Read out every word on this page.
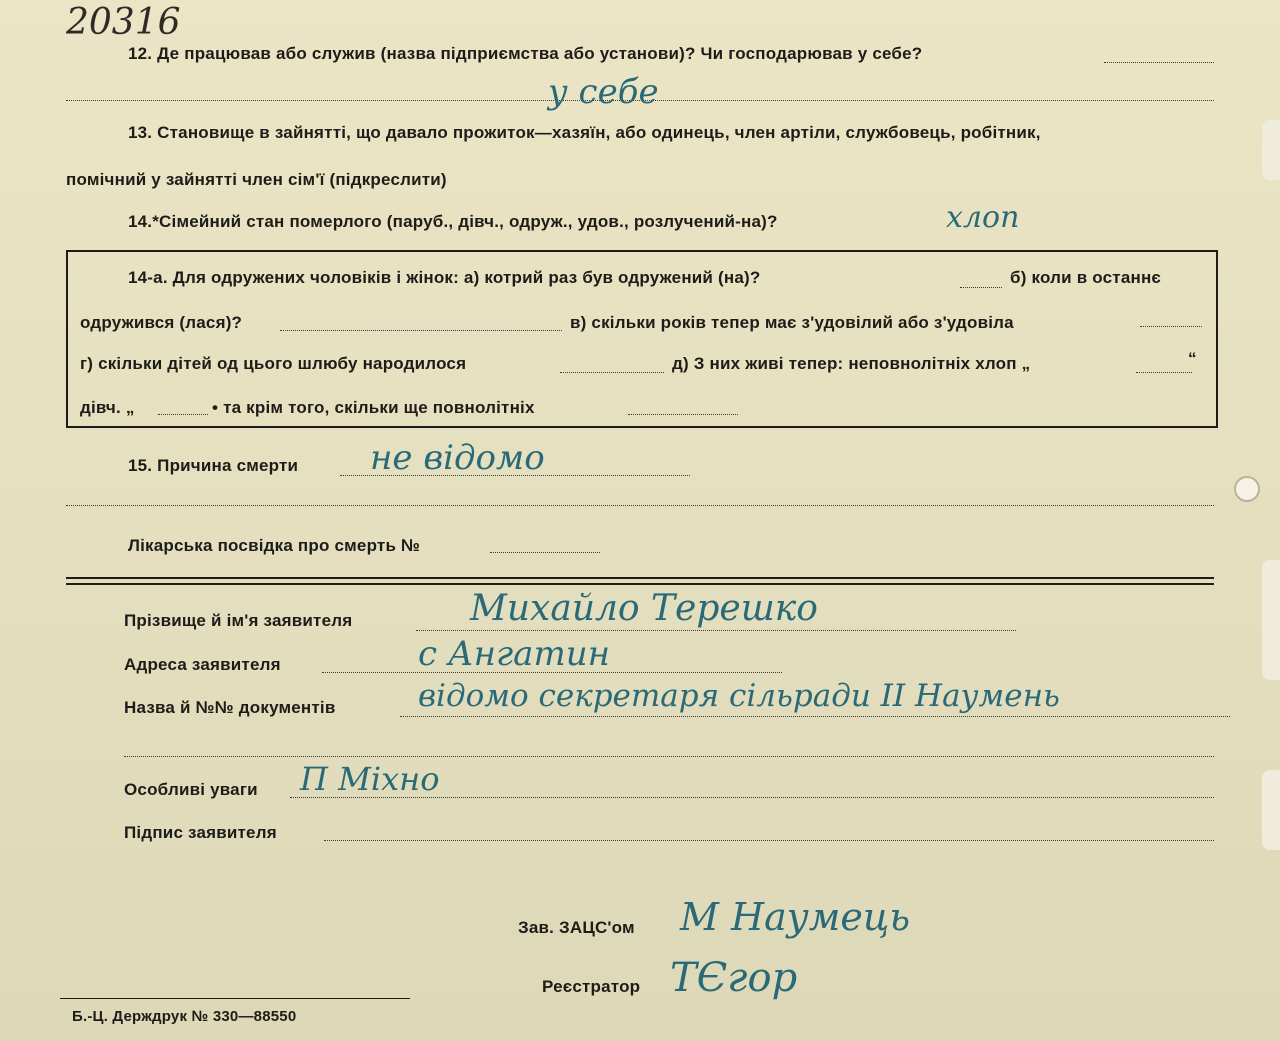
20316
12. Де працював або служив (назва підприємства або установи)? Чи господарював у себе?
у себе
13. Становище в зайнятті, що давало прожиток—хазяїн, або одинець, член артіли, службовець, робітник,
помічний у зайнятті член сім'ї (підкреслити)
14.*Сімейний стан померлого (паруб., дівч., одруж., удов., розлучений-на)?	хлоп
14-а. Для одружених чоловіків і жінок: а) котрий раз був одружений (на)?	б) коли в останнє
одружився (лася)?	в) скільки років тепер має з'удовілий або з'удовіла
г) скільки дітей од цього шлюбу народилося	д) З них живі тепер: неповнолітніх хлоп „	“
дівч. „	• та крім того, скільки ще повнолітніх
15. Причина смерти не відомо
Лікарська посвідка про смерть №
Прізвище й ім'я заявителя	Михайло Терешко
Адреса заявителя	с Ангатин
Назва й №№ документів	відомо секретаря сільради II Наумень
Особливі уваги П Міхно
Підпис заявителя
Зав. ЗАЦС'ом М Наумець
Реєстратор ТЄгор
Б.-Ц. Держдрук № 330—88550
